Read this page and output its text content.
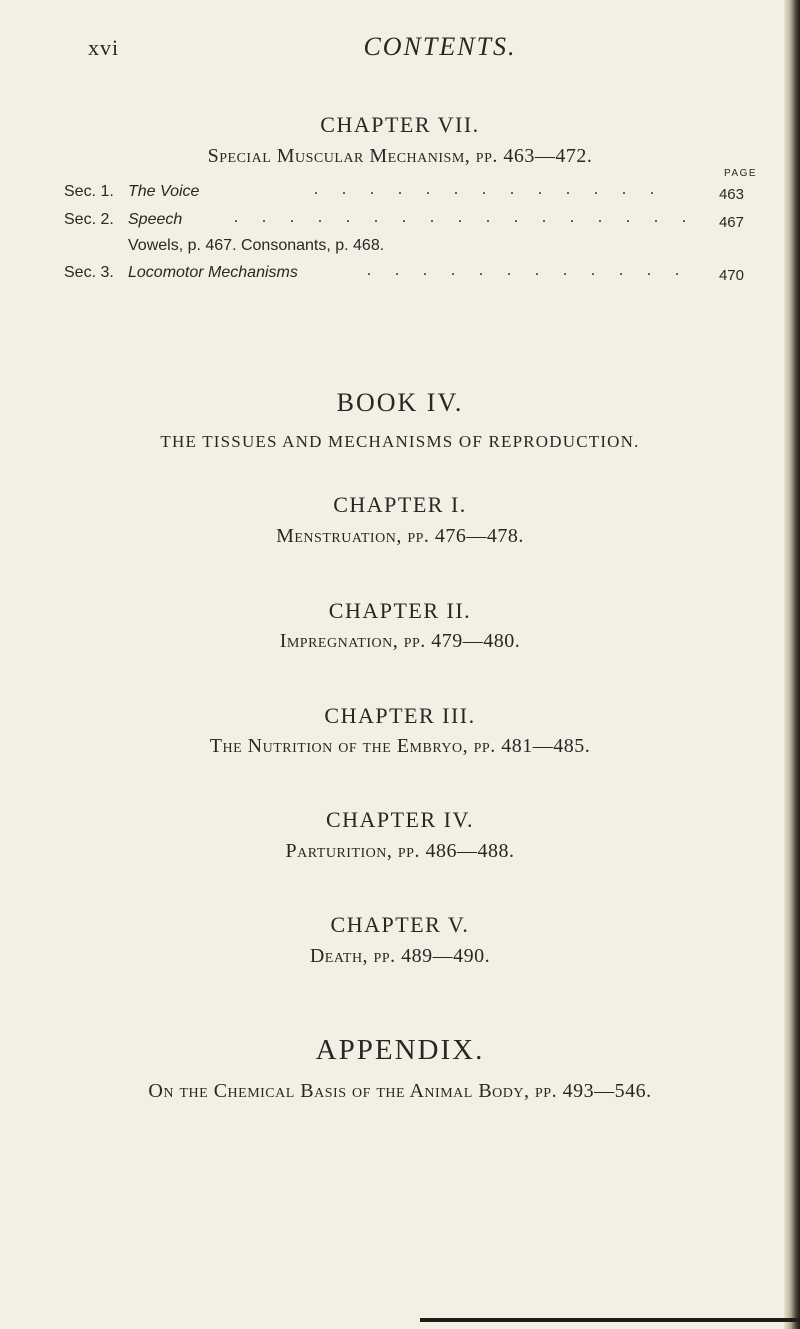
xvi	CONTENTS.
CHAPTER VII.
Special Muscular Mechanism, pp. 463—472.
PAGE
Sec. 1. The Voice	. . . . . . . . . . . . .	463
Sec. 2. Speech	. . . . . . . . . . . . . . . . . 467
Vowels, p. 467. Consonants, p. 468.
Sec. 3. Locomotor Mechanisms	. . . . . . . . . . . . 470
BOOK IV.
THE TISSUES AND MECHANISMS OF REPRODUCTION.
CHAPTER I.
Menstruation, pp. 476—478.
CHAPTER II.
Impregnation, pp. 479—480.
CHAPTER III.
The Nutrition of the Embryo, pp. 481—485.
CHAPTER IV.
Parturition, pp. 486—488.
CHAPTER V.
Death, pp. 489—490.
APPENDIX.
On the Chemical Basis of the Animal Body, pp. 493—546.
